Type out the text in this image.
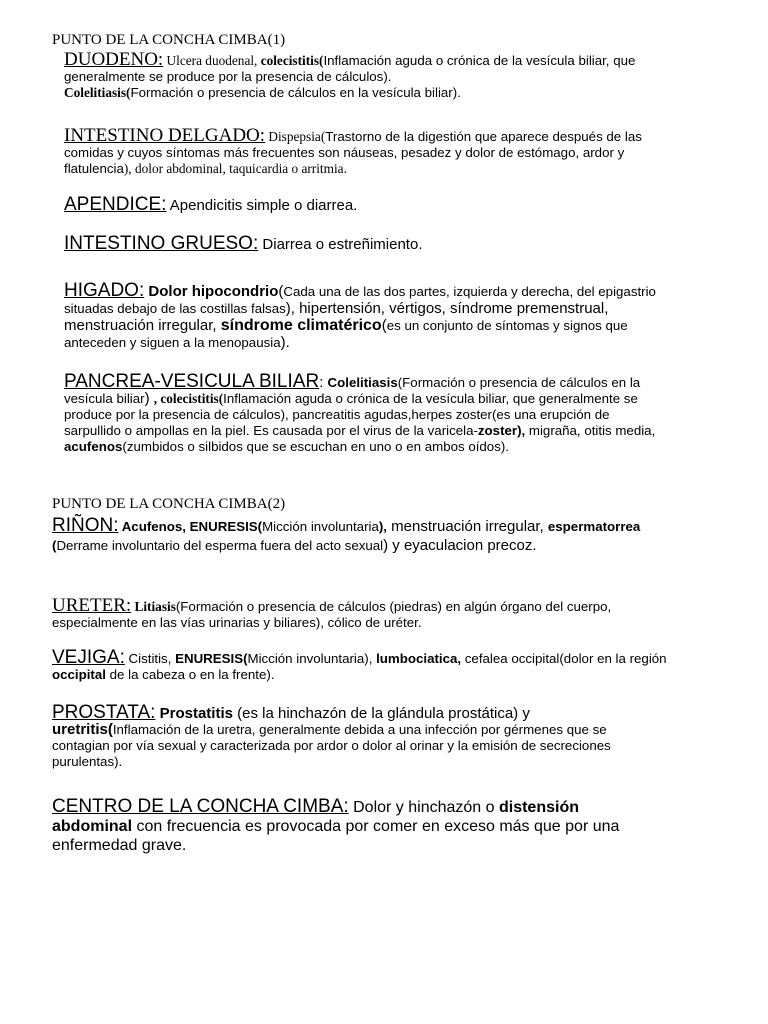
PUNTO DE LA CONCHA CIMBA(1)
DUODENO: Ulcera duodenal, colecistitis(Inflamación aguda o crónica de la vesícula biliar, que generalmente se produce por la presencia de cálculos).
Colelitiasis(Formación o presencia de cálculos en la vesícula biliar).
INTESTINO DELGADO: Dispepsia(Trastorno de la digestión que aparece después de las comidas y cuyos síntomas más frecuentes son náuseas, pesadez y dolor de estómago, ardor y flatulencia), dolor abdominal, taquicardia o arritmia.
APENDICE: Apendicitis simple o diarrea.
INTESTINO GRUESO: Diarrea o estreñimiento.
HIGADO: Dolor hipocondrio(Cada una de las dos partes, izquierda y derecha, del epigastrio situadas debajo de las costillas falsas), hipertensión, vértigos, síndrome premenstrual, menstruación irregular, síndrome climatérico(es un conjunto de síntomas y signos que anteceden y siguen a la menopausia).
PANCREA-VESICULA BILIAR: Colelitiasis(Formación o presencia de cálculos en la vesícula biliar) , colecistitis(Inflamación aguda o crónica de la vesícula biliar, que generalmente se produce por la presencia de cálculos), pancreatitis agudas,herpes zoster(es una erupción de sarpullido o ampollas en la piel. Es causada por el virus de la varicela-zoster), migraña, otitis media, acufenos(zumbidos o silbidos que se escuchan en uno o en ambos oídos).
PUNTO DE LA CONCHA CIMBA(2)
RIÑON: Acufenos, ENURESIS(Micción involuntaria), menstruación irregular, espermatorrea (Derrame involuntario del esperma fuera del acto sexual) y eyaculacion precoz.
URETER: Litiasis(Formación o presencia de cálculos (piedras) en algún órgano del cuerpo, especialmente en las vías urinarias y biliares), cólico de uréter.
VEJIGA: Cistitis, ENURESIS(Micción involuntaria), lumbociatica, cefalea occipital(dolor en la región occipital de la cabeza o en la frente).
PROSTATA: Prostatitis (es la hinchazón de la glándula prostática) y uretritis(Inflamación de la uretra, generalmente debida a una infección por gérmenes que se contagian por vía sexual y caracterizada por ardor o dolor al orinar y la emisión de secreciones purulentas).
CENTRO DE LA CONCHA CIMBA: Dolor y hinchazón o distensión abdominal con frecuencia es provocada por comer en exceso más que por una enfermedad grave.
